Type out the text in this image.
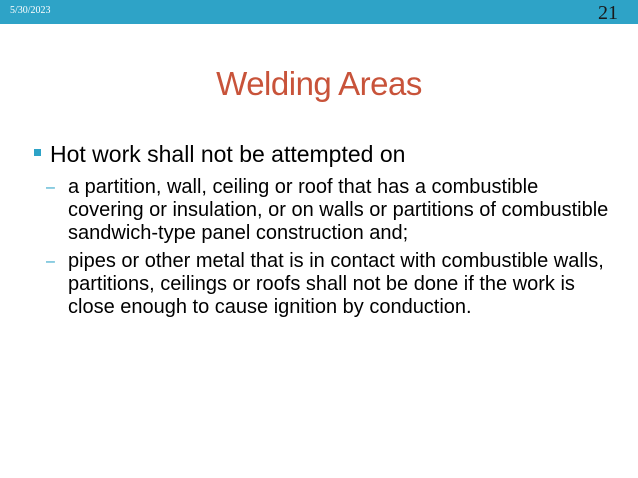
5/30/2023	21
Welding Areas
Hot work shall not be attempted on
– a partition, wall, ceiling or roof that has a combustible covering or insulation, or on walls or partitions of combustible sandwich-type panel construction and;
– pipes or other metal that is in contact with combustible walls, partitions, ceilings or roofs shall not be done if the work is close enough to cause ignition by conduction.
